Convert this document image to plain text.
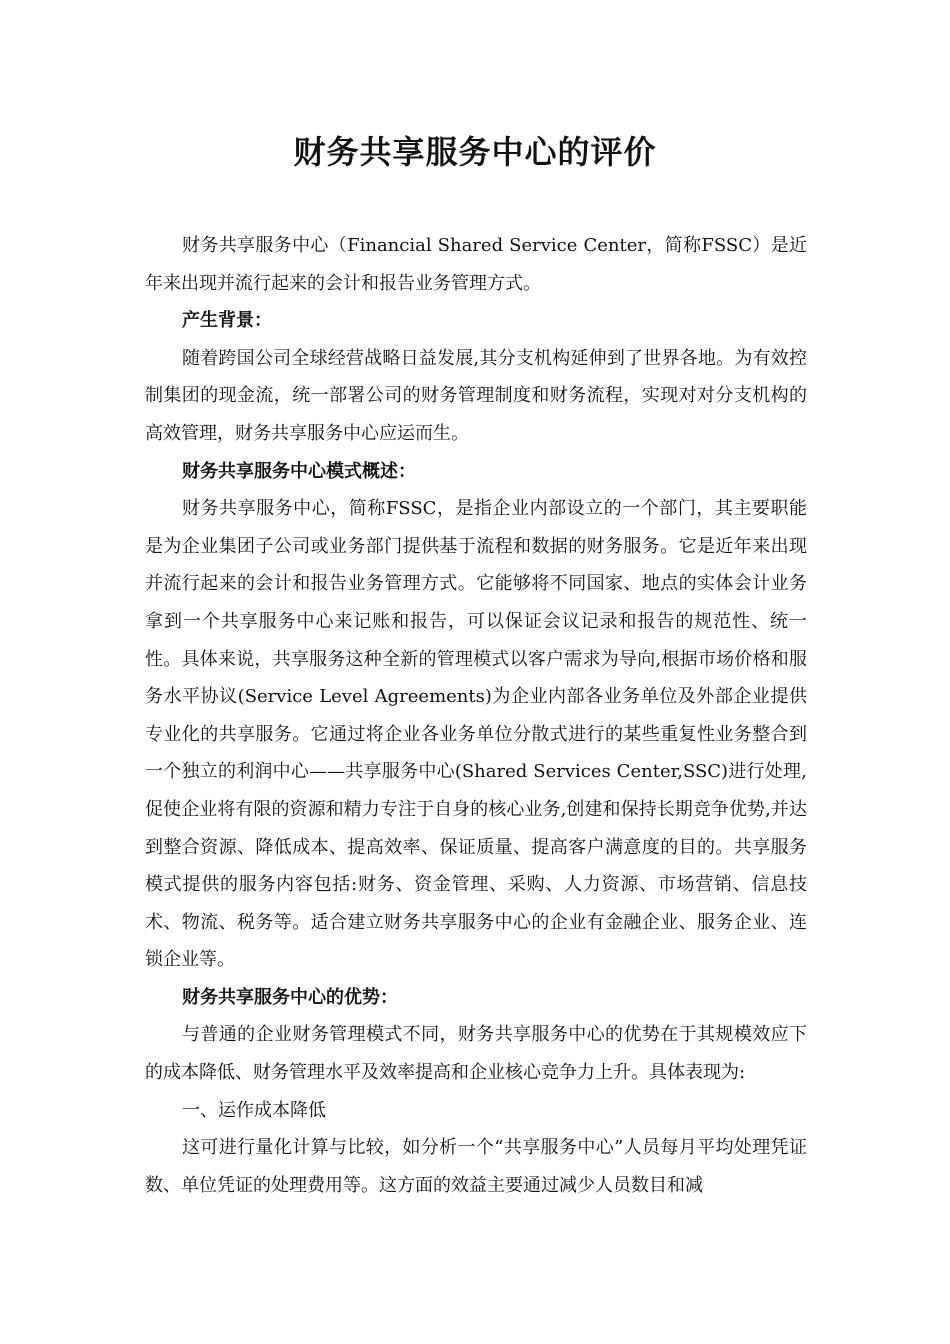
财务共享服务中心的评价

财务共享服务中心（Financial Shared Service Center，简称FSSC）是近年来出现并流行起来的会计和报告业务管理方式。

产生背景：

随着跨国公司全球经营战略日益发展,其分支机构延伸到了世界各地。为有效控制集团的现金流，统一部署公司的财务管理制度和财务流程，实现对对分支机构的高效管理，财务共享服务中心应运而生。

财务共享服务中心模式概述：

财务共享服务中心，简称FSSC，是指企业内部设立的一个部门，其主要职能是为企业集团子公司或业务部门提供基于流程和数据的财务服务。它是近年来出现并流行起来的会计和报告业务管理方式。它能够将不同国家、地点的实体会计业务拿到一个共享服务中心来记账和报告，可以保证会议记录和报告的规范性、统一性。具体来说，共享服务这种全新的管理模式以客户需求为导向,根据市场价格和服务水平协议(Service Level Agreements)为企业内部各业务单位及外部企业提供专业化的共享服务。它通过将企业各业务单位分散式进行的某些重复性业务整合到一个独立的利润中心——共享服务中心(Shared Services Center,SSC)进行处理,促使企业将有限的资源和精力专注于自身的核心业务,创建和保持长期竞争优势,并达到整合资源、降低成本、提高效率、保证质量、提高客户满意度的目的。共享服务模式提供的服务内容包括:财务、资金管理、采购、人力资源、市场营销、信息技术、物流、税务等。适合建立财务共享服务中心的企业有金融企业、服务企业、连锁企业等。

财务共享服务中心的优势：

与普通的企业财务管理模式不同，财务共享服务中心的优势在于其规模效应下的成本降低、财务管理水平及效率提高和企业核心竞争力上升。具体表现为:

一、运作成本降低

这可进行量化计算与比较，如分析一个“共享服务中心”人员每月平均处理凭证数、单位凭证的处理费用等。这方面的效益主要通过减少人员数目和减
